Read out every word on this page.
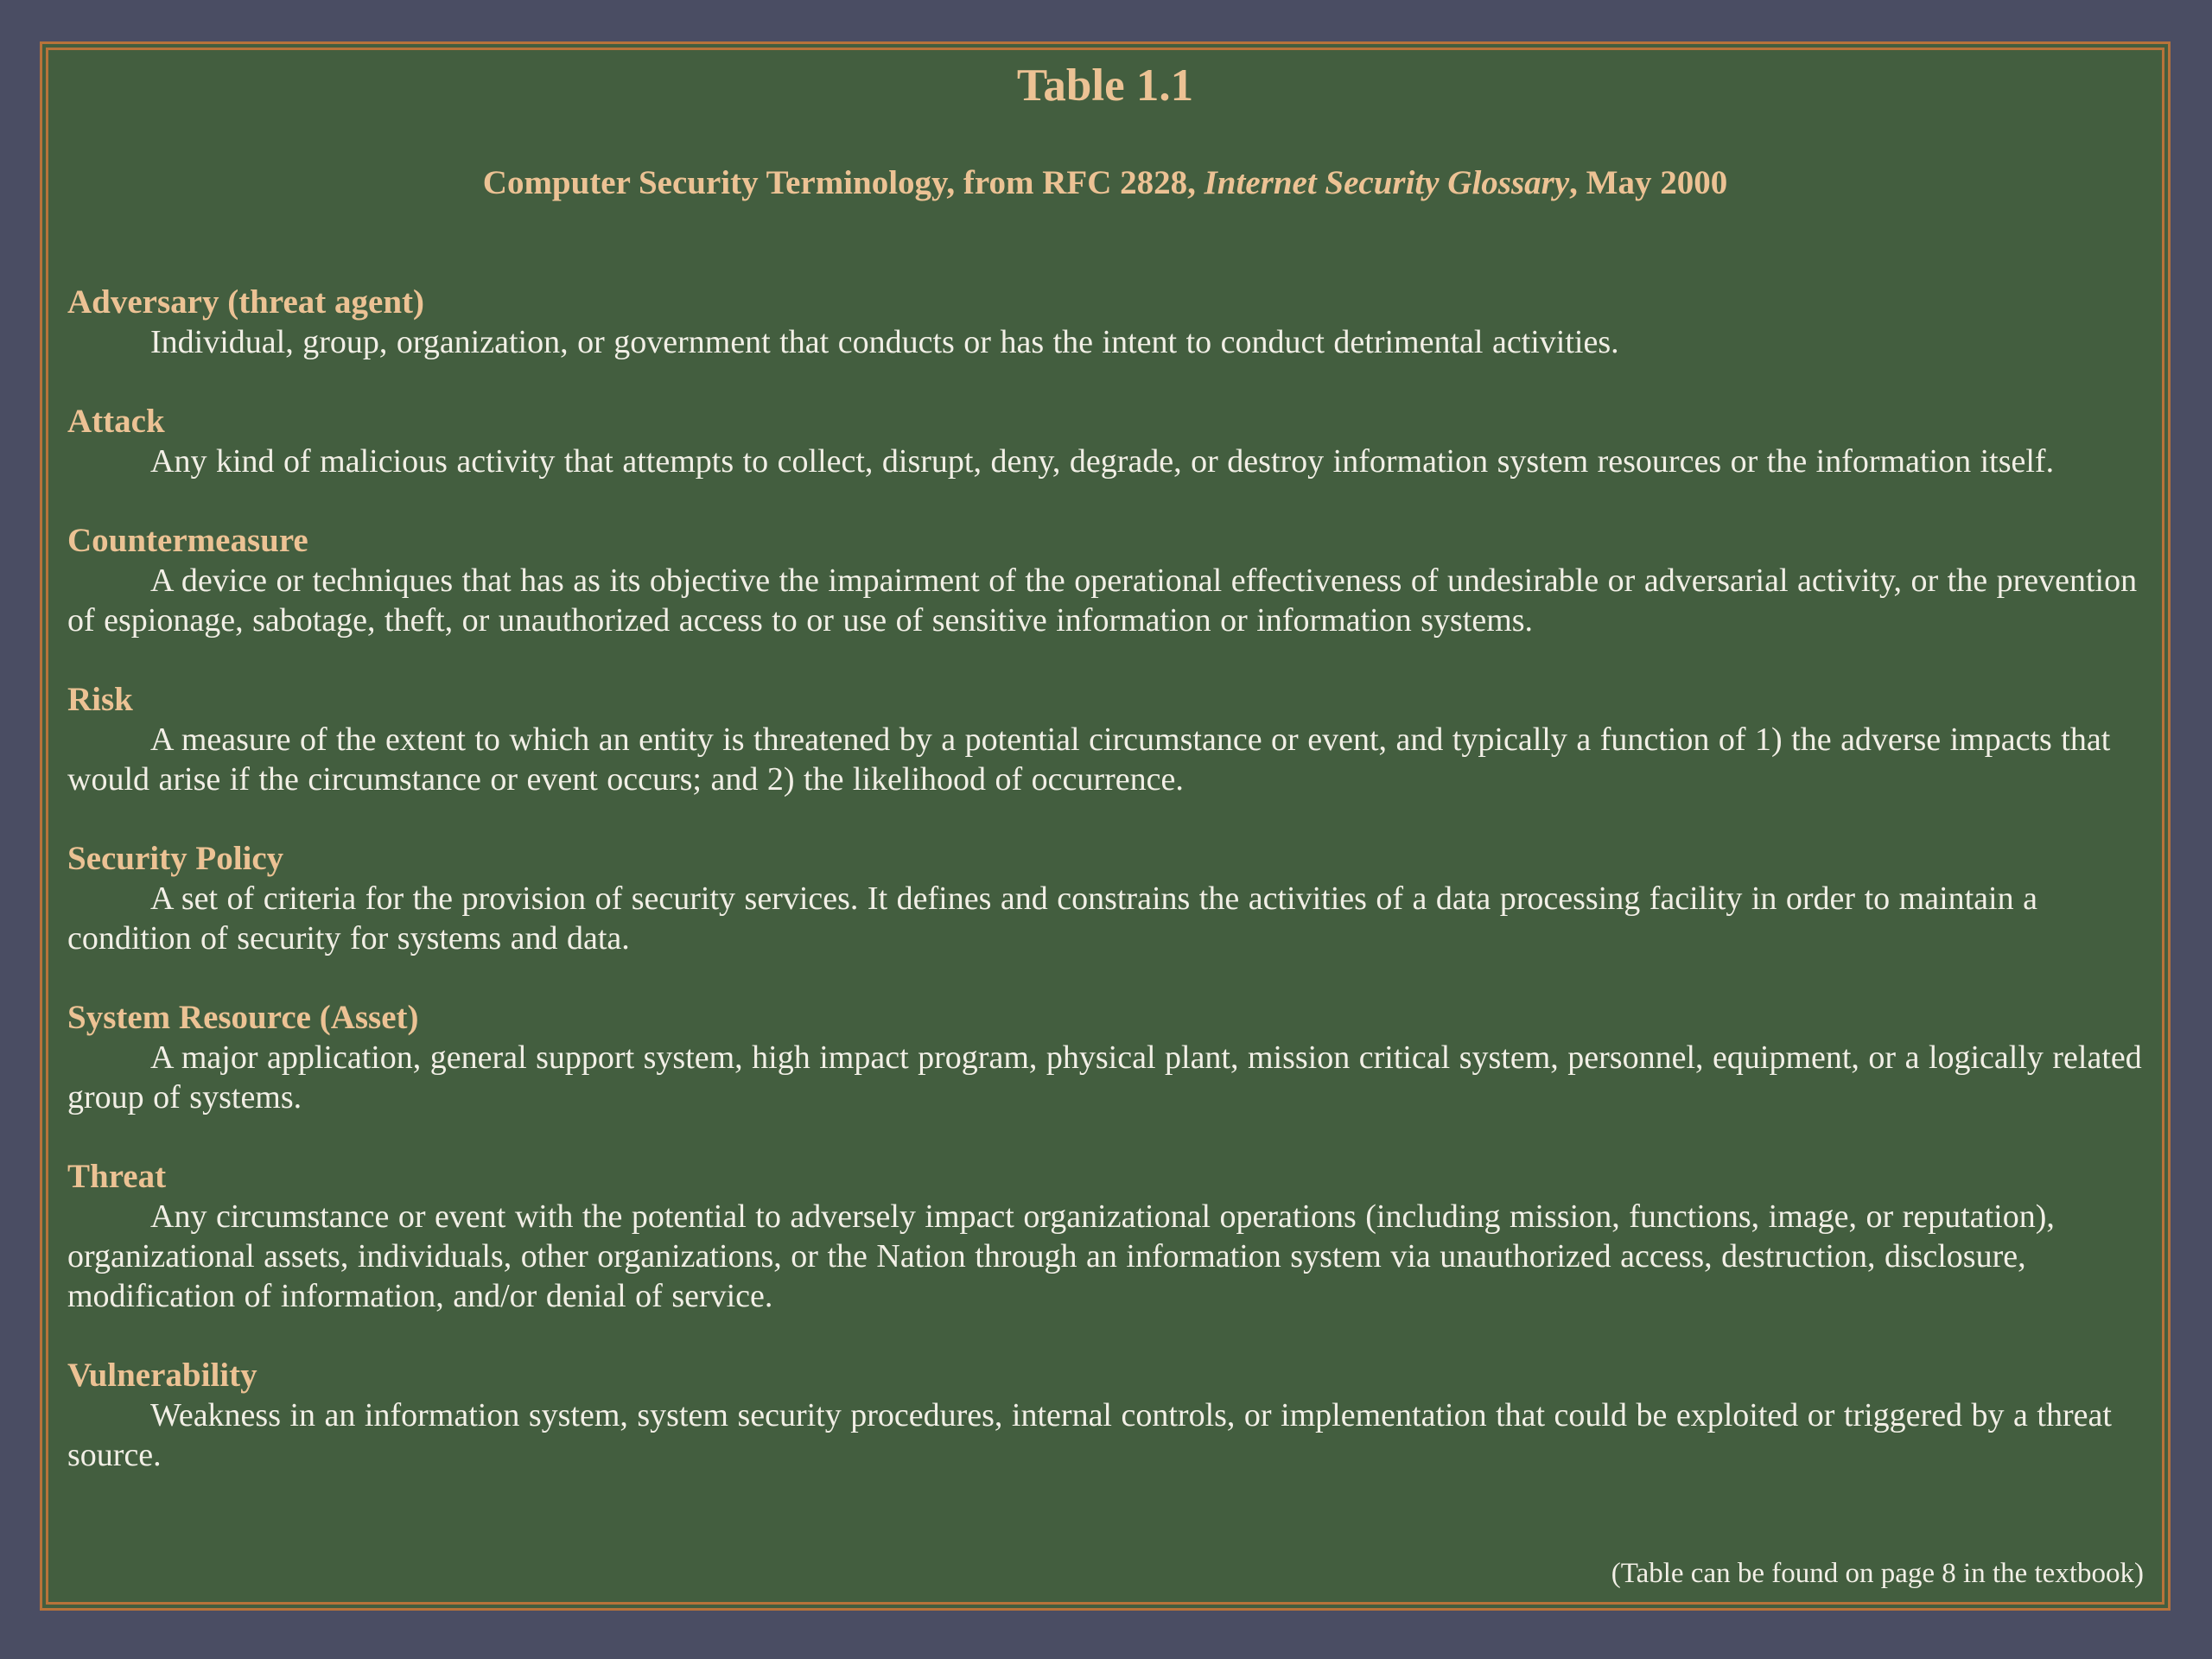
Table 1.1
Computer Security Terminology, from RFC 2828, Internet Security Glossary, May 2000
Adversary (threat agent)
Individual, group, organization, or government that conducts or has the intent to conduct detrimental activities.
Attack
Any kind of malicious activity that attempts to collect, disrupt, deny, degrade, or destroy information system resources or the information itself.
Countermeasure
A device or techniques that has as its objective the impairment of the operational effectiveness of undesirable or adversarial activity, or the prevention of espionage, sabotage, theft, or unauthorized access to or use of sensitive information or information systems.
Risk
A measure of the extent to which an entity is threatened by a potential circumstance or event, and typically a function of 1) the adverse impacts that would arise if the circumstance or event occurs; and 2) the likelihood of occurrence.
Security Policy
A set of criteria for the provision of security services. It defines and constrains the activities of a data processing facility in order to maintain a condition of security for systems and data.
System Resource (Asset)
A major application, general support system, high impact program, physical plant, mission critical system, personnel, equipment, or a logically related group of systems.
Threat
Any circumstance or event with the potential to adversely impact organizational operations (including mission, functions, image, or reputation), organizational assets, individuals, other organizations, or the Nation through an information system via unauthorized access, destruction, disclosure, modification of information, and/or denial of service.
Vulnerability
Weakness in an information system, system security procedures, internal controls, or implementation that could be exploited or triggered by a threat source.
(Table can be found on page 8 in the textbook)
